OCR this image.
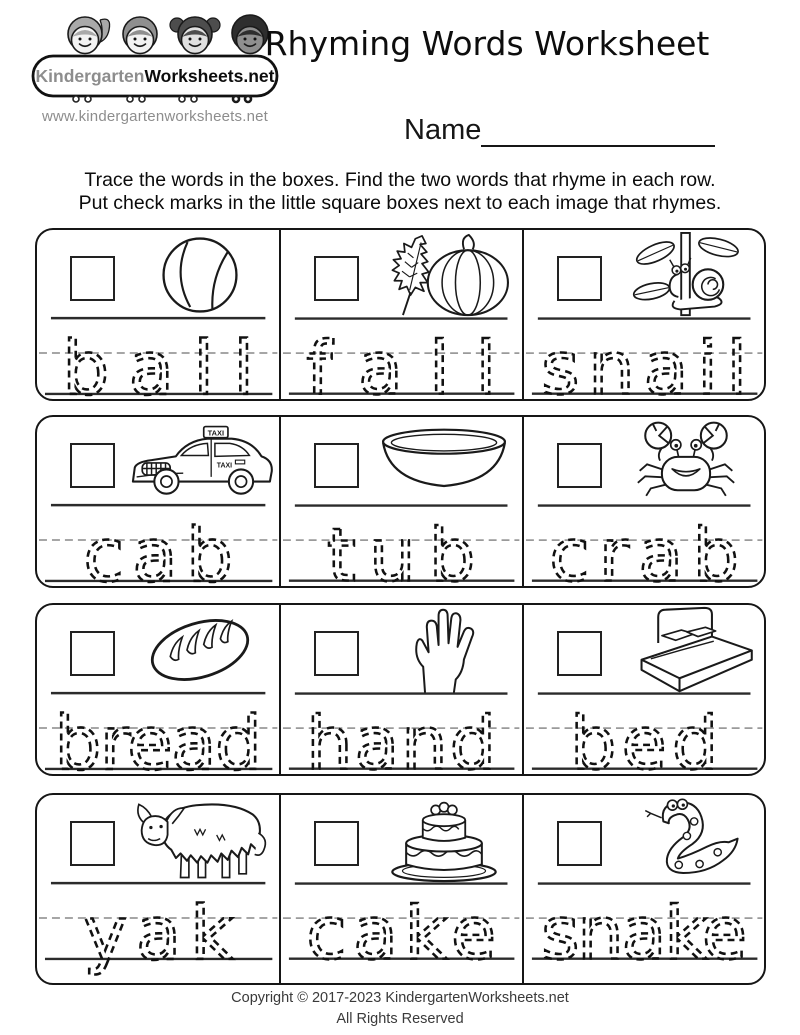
KindergartenWorksheets.net
www.kindergartenworksheets.net
Rhyming Words Worksheet
Name
Trace the words in the boxes. Find the two words that rhyme in each row.
Put check marks in the little square boxes next to each image that rhymes.
ball fall snail
TAXI
TAXI
cab tub crab
bread hand bed
yak cake snake
Copyright © 2017-2023 KindergartenWorksheets.net
All Rights Reserved
